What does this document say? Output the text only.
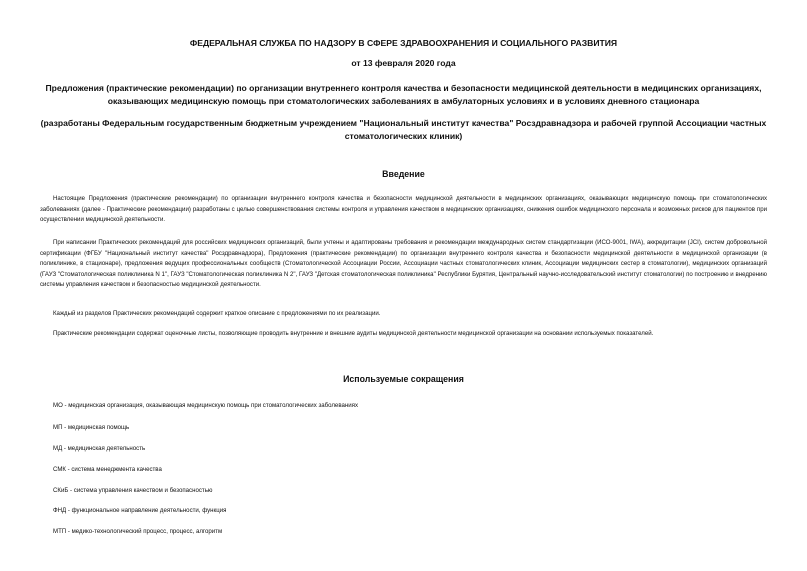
ФЕДЕРАЛЬНАЯ СЛУЖБА ПО НАДЗОРУ В СФЕРЕ ЗДРАВООХРАНЕНИЯ И СОЦИАЛЬНОГО РАЗВИТИЯ
от 13 февраля 2020 года
Предложения (практические рекомендации) по организации внутреннего контроля качества и безопасности медицинской деятельности в медицинских организациях, оказывающих медицинскую помощь при стоматологических заболеваниях в амбулаторных условиях и в условиях дневного стационара
(разработаны Федеральным государственным бюджетным учреждением "Национальный институт качества" Росздравнадзора и рабочей группой Ассоциации частных стоматологических клиник)
Введение
Настоящие Предложения (практические рекомендации) по организации внутреннего контроля качества и безопасности медицинской деятельности в медицинских организациях, оказывающих медицинскую помощь при стоматологических заболеваниях (далее - Практические рекомендации) разработаны с целью совершенствования системы контроля и управления качеством в медицинских организациях, снижения ошибок медицинского персонала и возможных рисков для пациентов при осуществлении медицинской деятельности.
При написании Практических рекомендаций для российских медицинских организаций, были учтены и адаптированы требования и рекомендации международных систем стандартизации (ИСО-9001, IWA), аккредитации (JCI), систем добровольной сертификации (ФГБУ "Национальный институт качества" Росздравнадзора), Предложения (практические рекомендации) по организации внутреннего контроля качества и безопасности медицинской деятельности в медицинской организации (в поликлинике, в стационаре), предложения ведущих профессиональных сообществ (Стоматологической Ассоциации России, Ассоциации частных стоматологических клиник, Ассоциации медицинских сестер в стоматологии), медицинских организаций (ГАУЗ "Стоматологическая поликлиника N 1", ГАУЗ "Стоматологическая поликлиника N 2", ГАУЗ "Детская стоматологическая поликлиника" Республики Бурятия, Центральный научно-исследовательский институт стоматологии) по построению и внедрению системы управления качеством и безопасностью медицинской деятельности.
Каждый из разделов Практических рекомендаций содержит краткое описание с предложениями по их реализации.
Практические рекомендации содержат оценочные листы, позволяющие проводить внутренние и внешние аудиты медицинской деятельности медицинской организации на основании используемых показателей.
Используемые сокращения
МО - медицинская организация, оказывающая медицинскую помощь при стоматологических заболеваниях
МП - медицинская помощь
МД - медицинская деятельность
СМК - система менеджмента качества
СКиБ - система управления качеством и безопасностью
ФНД - функциональное направление деятельности, функция
МТП - медико-технологический процесс, процесс, алгоритм
